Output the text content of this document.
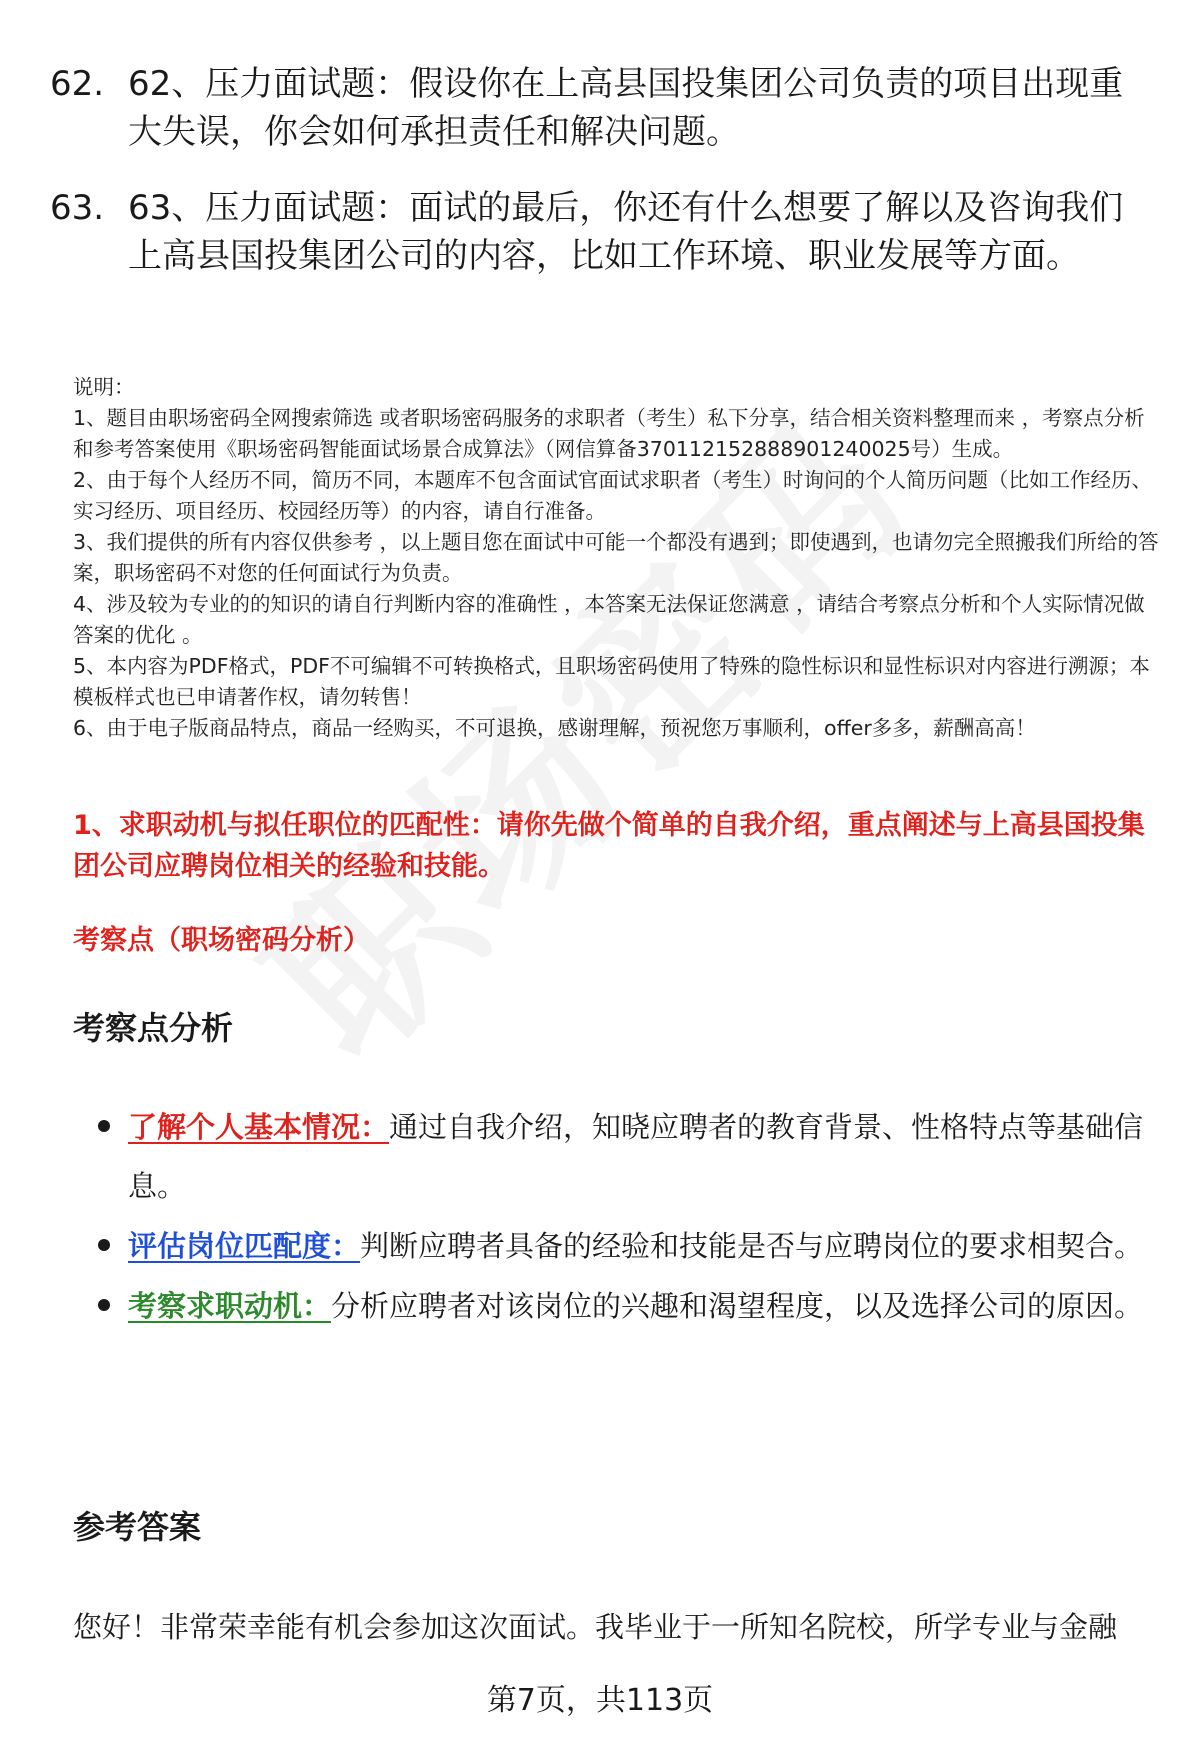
62. 62、压力面试题：假设你在上高县国投集团公司负责的项目出现重大失误，你会如何承担责任和解决问题。
63. 63、压力面试题：面试的最后，你还有什么想要了解以及咨询我们上高县国投集团公司的内容，比如工作环境、职业发展等方面。

说明：

1、题目由职场密码全网搜索筛选 或者职场密码服务的求职者（考生）私下分享，结合相关资料整理而来 ，考察点分析和参考答案使用《职场密码智能面试场景合成算法》（网信算备370112152888901240025号）生成。

2、由于每个人经历不同，简历不同，本题库不包含面试官面试求职者（考生）时询问的个人简历问题（比如工作经历、实习经历、项目经历、校园经历等）的内容，请自行准备。

3、我们提供的所有内容仅供参考 ，以上题目您在面试中可能一个都没有遇到；即使遇到，也请勿完全照搬我们所给的答案，职场密码不对您的任何面试行为负责。

4、涉及较为专业的的知识的请自行判断内容的准确性 ，本答案无法保证您满意 ，请结合考察点分析和个人实际情况做答案的优化 。

5、本内容为PDF格式，PDF不可编辑不可转换格式，且职场密码使用了特殊的隐性标识和显性标识对内容进行溯源；本模板样式也已申请著作权，请勿转售！

6、由于电子版商品特点，商品一经购买，不可退换，感谢理解，预祝您万事顺利，offer多多，薪酬高高！

1、求职动机与拟任职位的匹配性：请你先做个简单的自我介绍，重点阐述与上高县国投集团公司应聘岗位相关的经验和技能。
考察点（职场密码分析）
考察点分析
了解个人基本情况：通过自我介绍，知晓应聘者的教育背景、性格特点等基础信息。
评估岗位匹配度：判断应聘者具备的经验和技能是否与应聘岗位的要求相契合。
考察求职动机：分析应聘者对该岗位的兴趣和渴望程度，以及选择公司的原因。
参考答案
您好！非常荣幸能有机会参加这次面试。我毕业于一所知名院校，所学专业与金融
第7页，共113页
